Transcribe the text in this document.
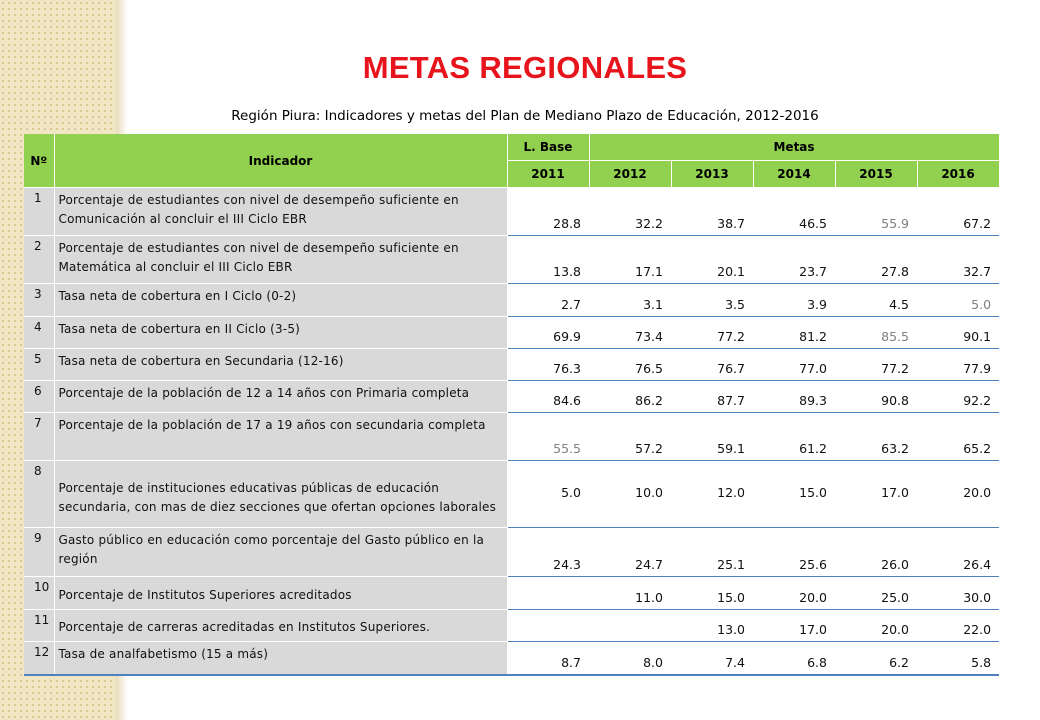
METAS REGIONALES
Región Piura: Indicadores y metas del Plan de Mediano Plazo de Educación, 2012-2016
Nº	Indicador	L. Base	Metas				
		2011	2012	2013	2014	2015	2016
1	Porcentaje de estudiantes con nivel de desempeño suficiente en Comunicación al concluir el III Ciclo EBR	28.8	32.2	38.7	46.5	55.9	67.2
2	Porcentaje de estudiantes con nivel de desempeño suficiente en Matemática al concluir el III Ciclo EBR	13.8	17.1	20.1	23.7	27.8	32.7
3	Tasa neta de cobertura en I Ciclo (0-2)	2.7	3.1	3.5	3.9	4.5	5.0
4	Tasa neta de cobertura en II Ciclo (3-5)	69.9	73.4	77.2	81.2	85.5	90.1
5	Tasa neta de cobertura en Secundaria (12-16)	76.3	76.5	76.7	77.0	77.2	77.9
6	Porcentaje de la población de 12 a 14 años con Primaria completa	84.6	86.2	87.7	89.3	90.8	92.2
7	Porcentaje de la población de 17 a 19 años con secundaria completa	55.5	57.2	59.1	61.2	63.2	65.2
8	Porcentaje de instituciones educativas públicas de educación secundaria, con mas de diez secciones que ofertan opciones laborales	5.0	10.0	12.0	15.0	17.0	20.0
9	Gasto público en educación como porcentaje del Gasto público en la región	24.3	24.7	25.1	25.6	26.0	26.4
10	Porcentaje de Institutos Superiores acreditados		11.0	15.0	20.0	25.0	30.0
11	Porcentaje de carreras acreditadas en Institutos Superiores.			13.0	17.0	20.0	22.0
12	Tasa de analfabetismo (15 a más)	8.7	8.0	7.4	6.8	6.2	5.8
